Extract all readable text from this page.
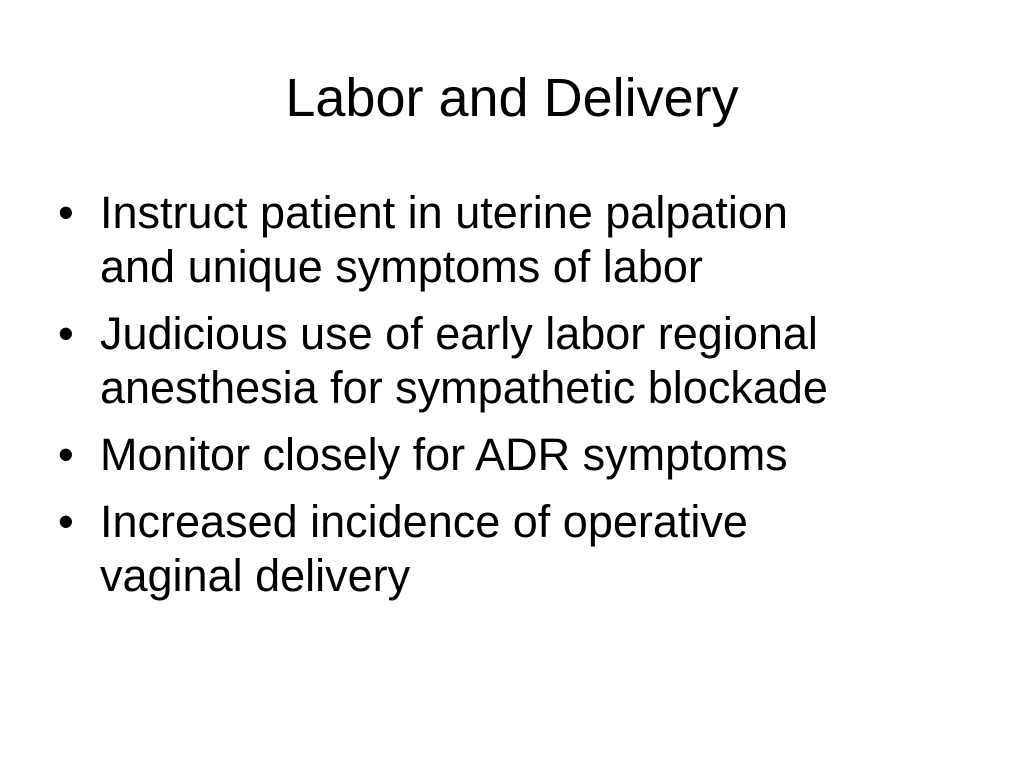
Labor and Delivery
• Instruct patient in uterine palpation
and unique symptoms of labor
• Judicious use of early labor regional
anesthesia for sympathetic blockade
• Monitor closely for ADR symptoms
• Increased incidence of operative
vaginal delivery
